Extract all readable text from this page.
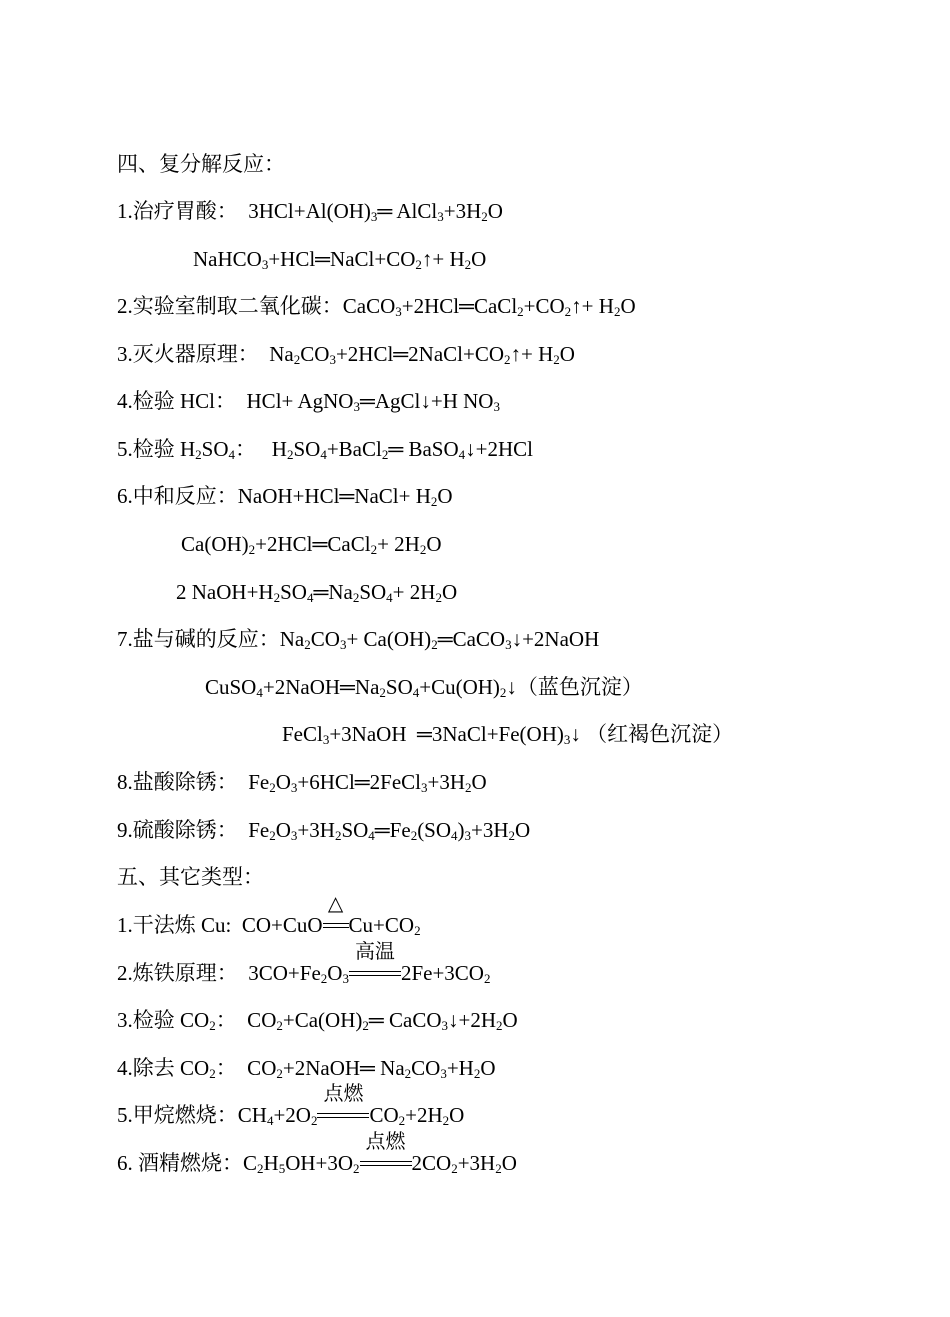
四、复分解反应：
1.治疗胃酸：  $3HCl+Al(OH)_3═$ $AlCl_3+3H_2O$
$NaHCO_3+HCl═NaCl+CO_2↑+ H_2O$
2.实验室制取二氧化碳：$CaCO_3+2HCl═CaCl_2+CO_2↑+ H_2O$
3.灭火器原理：  $Na_2CO_3+2HCl═2NaCl+CO_2↑+ H_2O$
4.检验 HCl：  HCl+ AgNO$_3$═AgCl↓+H $NO_3$
5.检验 $H_2SO_4$：   $H_2SO_4+BaCl_2═$ BaSO$_4$↓+2HCl
6.中和反应：NaOH+HCl═NaCl+ $H_2O$
$Ca(OH)_2+2HCl═CaCl_2+ 2H_2O$
2 $NaOH+H_2SO_4═Na_2SO_4+ 2H_2O$
7.盐与碱的反应：$Na_2CO_3+$ $Ca(OH)_2═CaCO_3↓+2NaOH$
$CuSO_4+2NaOH═Na_2SO_4+Cu(OH)_2↓$（蓝色沉淀）
FeCl$_3$+3NaOH  $═3NaCl+Fe(OH)_3↓$ （红褐色沉淀）
8.盐酸除锈：  $Fe_2O_3+6HCl═2FeCl_3+3H_2O$
9.硫酸除锈：  $Fe_2O_3+3H_2SO_4═Fe_2(SO_4)_3+3H_2O$
五、其它类型：
1.干法炼 Cu:  CO+CuO
△
$Cu+CO_2$
2.炼铁原理：  $3CO+Fe_2O_3$
高温
$2Fe+3CO_2$
3.检验 $CO_2$：  $CO_2+Ca(OH)_2═$ $CaCO_3↓+2H_2O$
4.除去 $CO_2$：  $CO_2+2NaOH═$ $Na_2CO_3+H_2O$
5.甲烷燃烧：$CH_4+2O_2$
点燃
$CO_2+2H_2O$
6. 酒精燃烧：$C_2H_5OH+3O_2$
点燃
$2CO_2+3H_2O$
